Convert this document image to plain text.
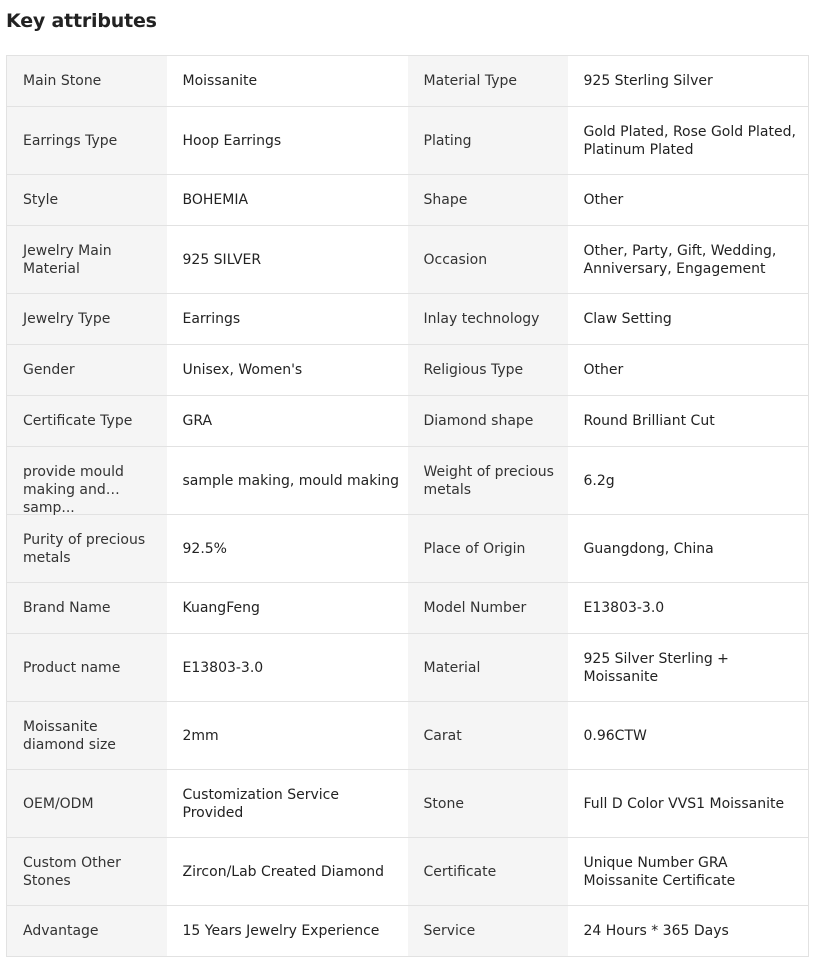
Key attributes
Main Stone	Moissanite	Material Type	925 Sterling Silver
Earrings Type	Hoop Earrings	Plating	Gold Plated, Rose Gold Plated, Platinum Plated
Style	BOHEMIA	Shape	Other
Jewelry Main Material	925 SILVER	Occasion	Other, Party, Gift, Wedding, Anniversary, Engagement
Jewelry Type	Earrings	Inlay technology	Claw Setting
Gender	Unisex, Women's	Religious Type	Other
Certificate Type	GRA	Diamond shape	Round Brilliant Cut

provide mould making and samp...	sample making, mould making	Weight of precious metals	6.2g
Purity of precious metals	92.5%	Place of Origin	Guangdong, China
Brand Name	KuangFeng	Model Number	E13803-3.0
Product name	E13803-3.0	Material	925 Silver Sterling + Moissanite
Moissanite diamond size	2mm	Carat	0.96CTW
OEM/ODM	Customization Service Provided	Stone	Full D Color VVS1 Moissanite
Custom Other Stones	Zircon/Lab Created Diamond	Certificate	Unique Number GRA Moissanite Certificate
Advantage	15 Years Jewelry Experience	Service	24 Hours * 365 Days
